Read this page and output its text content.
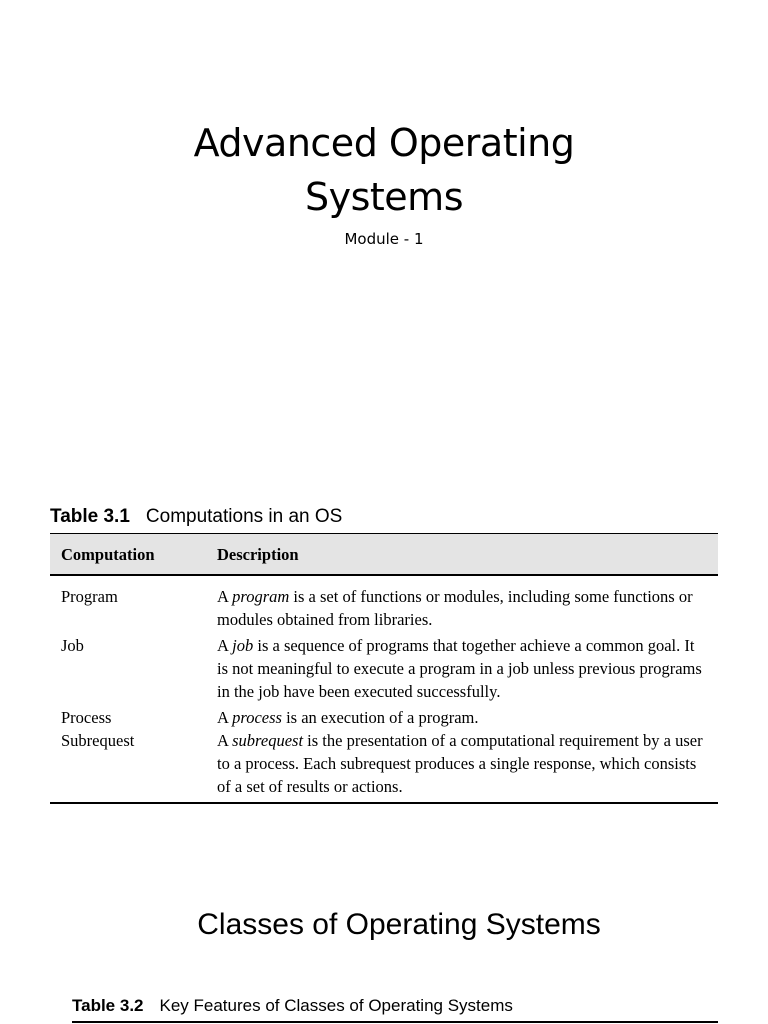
Advanced Operating
Systems
Module - 1
Table 3.1 Computations in an OS
Computation	Description
Program	A program is a set of functions or modules, including some functions or modules obtained from libraries.
Job	A job is a sequence of programs that together achieve a common goal. It is not meaningful to execute a program in a job unless previous programs in the job have been executed successfully.
Process	A process is an execution of a program.
Subrequest	A subrequest is the presentation of a computational requirement by a user to a process. Each subrequest produces a single response, which consists of a set of results or actions.
Classes of Operating Systems
Table 3.2 Key Features of Classes of Operating Systems
